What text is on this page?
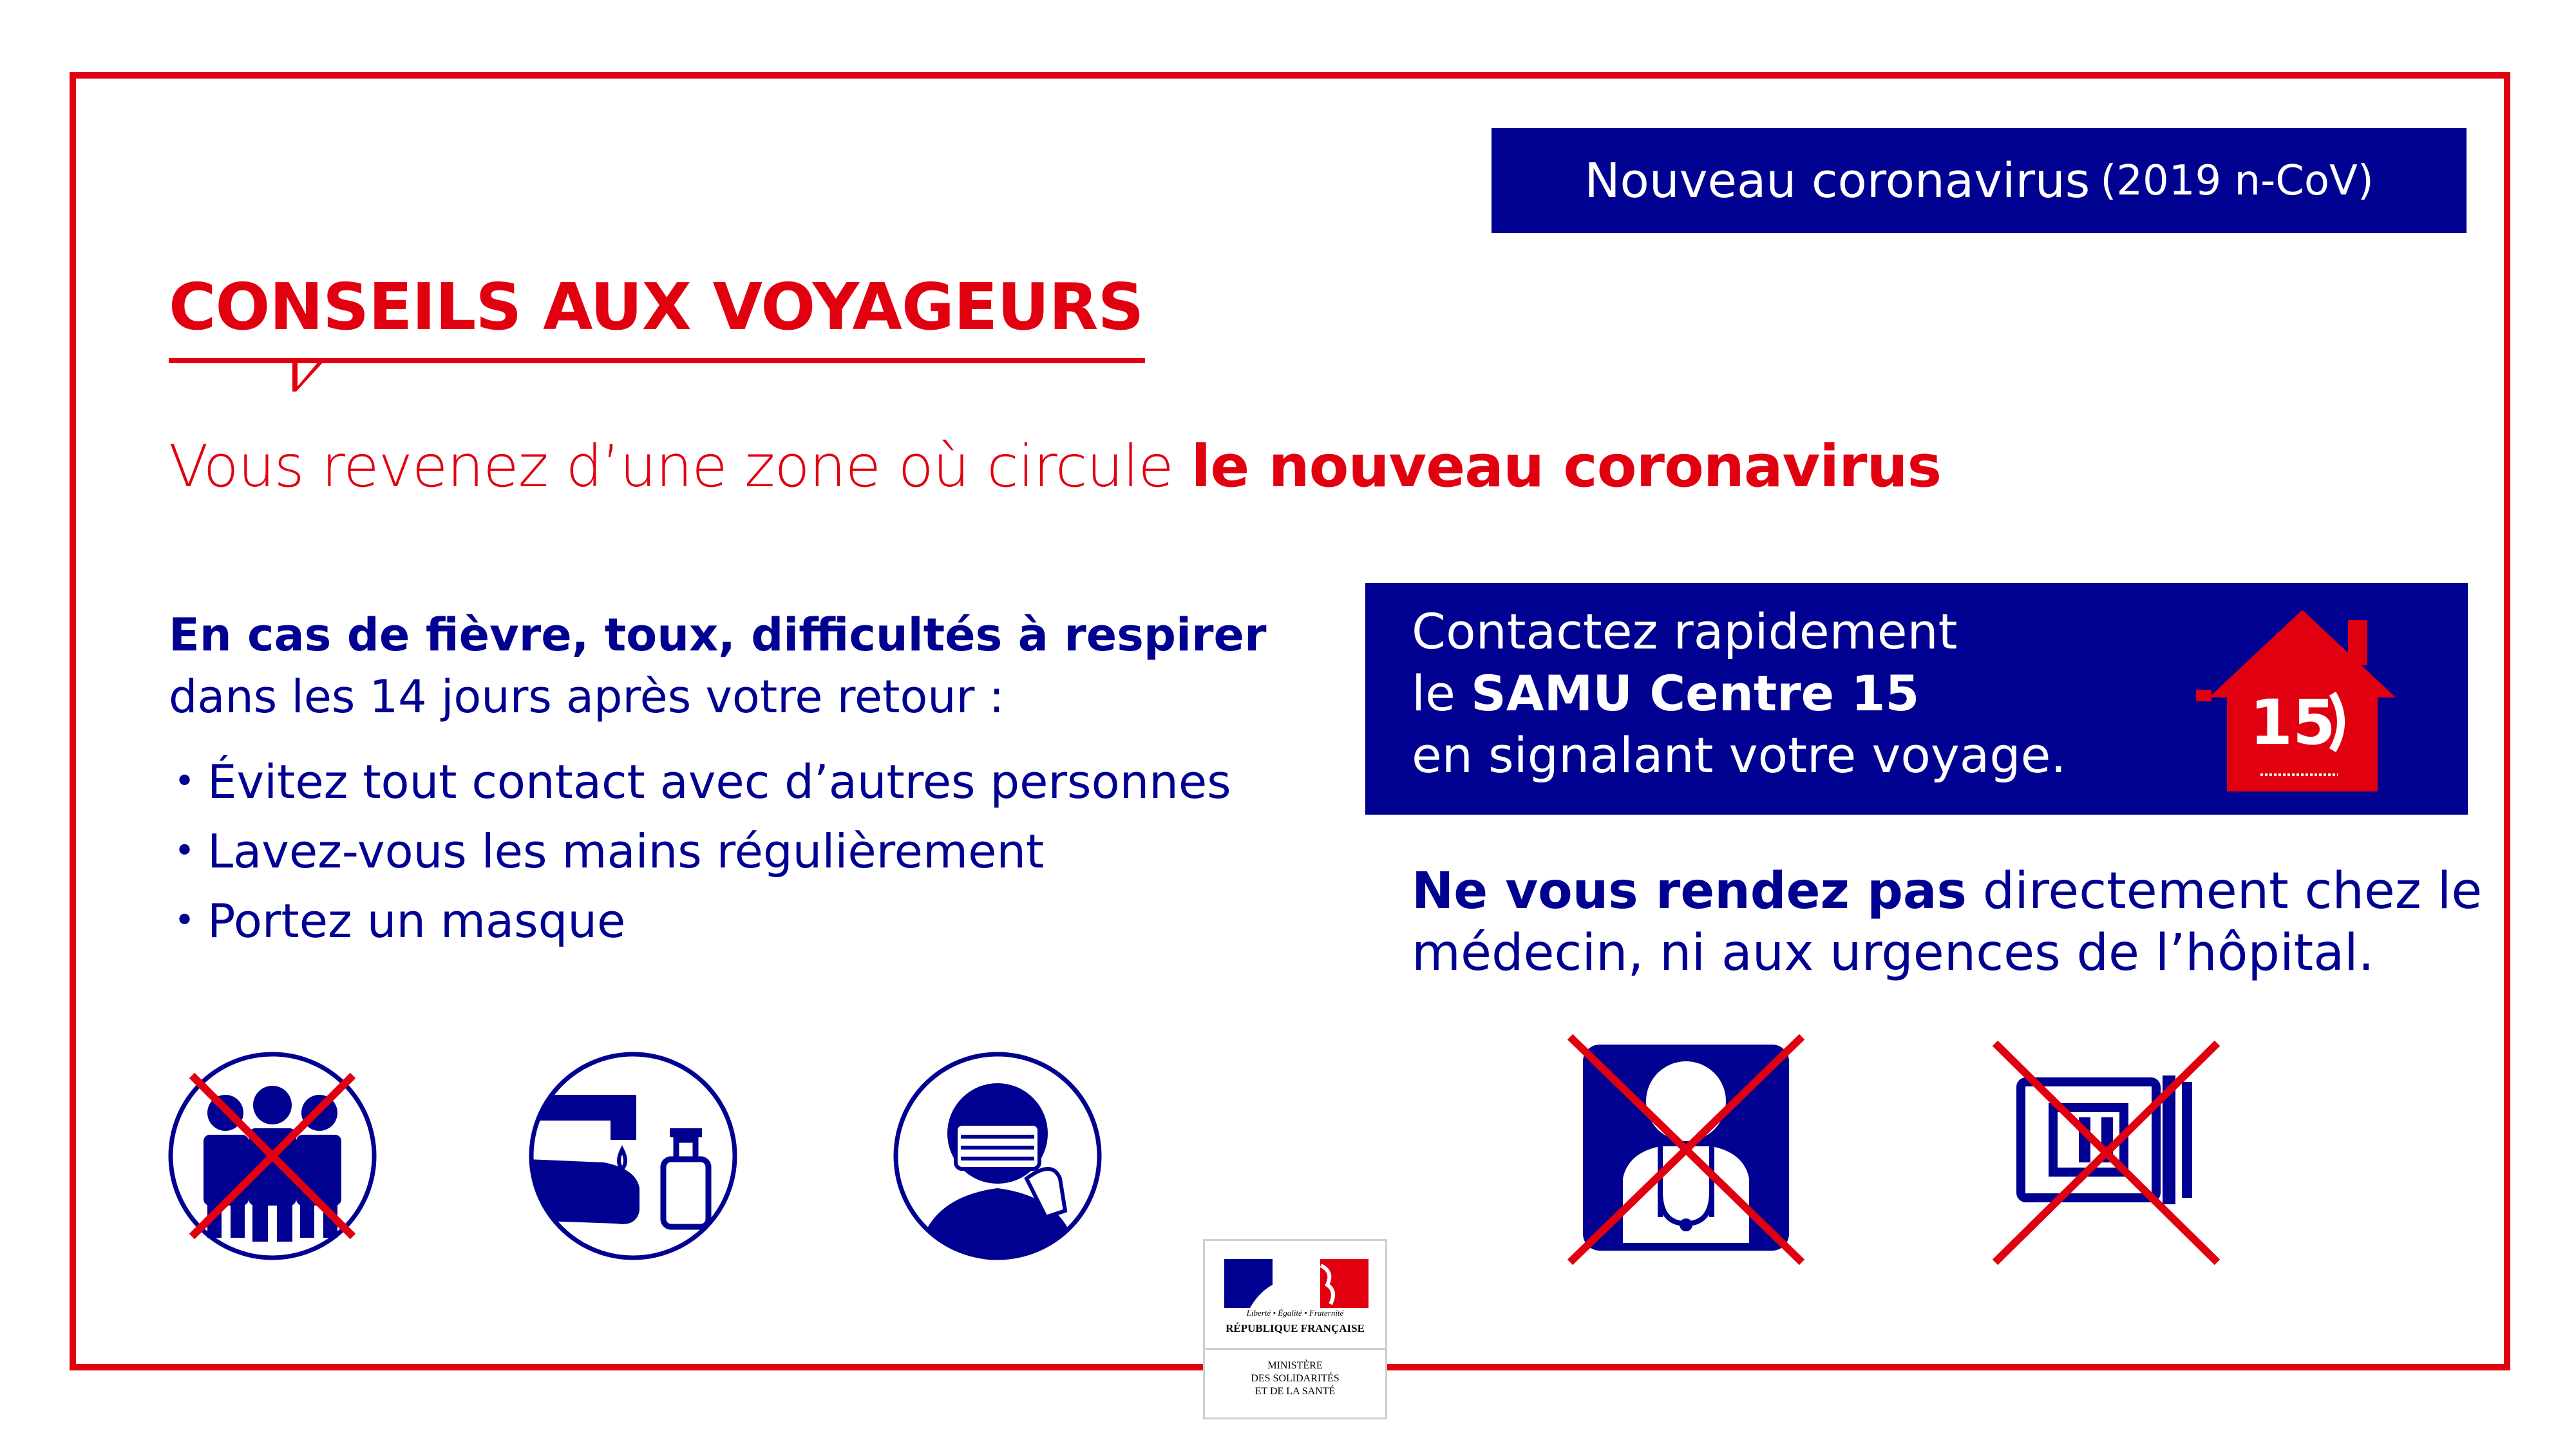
Nouveau coronavirus (2019 n-CoV)
CONSEILS AUX VOYAGEURS
Vous revenez d’une zone où circule le nouveau coronavirus
En cas de fièvre, toux, difficultés à respirer
dans les 14 jours après votre retour :
• Évitez tout contact avec d’autres personnes
• Lavez-vous les mains régulièrement
• Portez un masque
Contactez rapidement
le SAMU Centre 15
en signalant votre voyage.	15
Ne vous rendez pas directement chez le
médecin, ni aux urgences de l’hôpital.
Liberté • Égalité • Fraternité
RÉPUBLIQUE FRANÇAISE
MINISTÈRE
DES SOLIDARITÉS
ET DE LA SANTÉ
